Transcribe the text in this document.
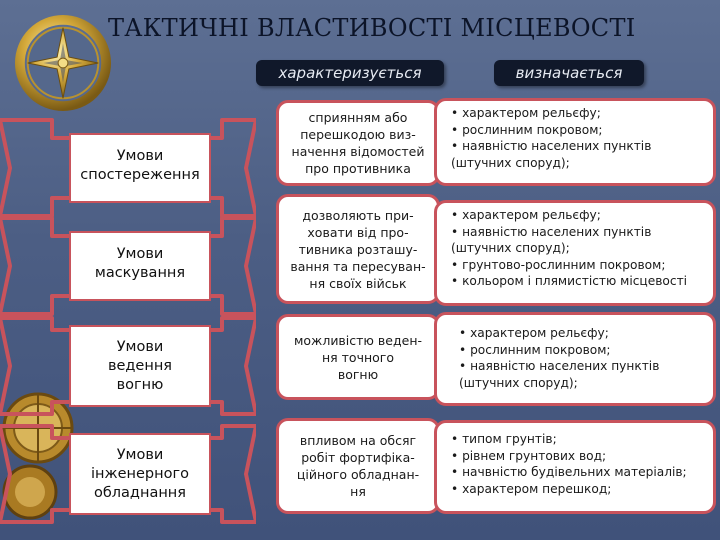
ТАКТИЧНІ ВЛАСТИВОСТІ МІСЦЕВОСТІ
характеризується	визначається
Умови
спостереження
сприянням або
перешкодою виз-
начення відомостей
про противника
• характером рельєфу;
• рослинним покровом;
• наявністю населених пунктів
(штучних споруд);
Умови
маскування
дозволяють при-
ховати від про-
тивника розташу-
вання та пересуван-
ня своїх військ
• характером рельєфу;
• наявністю населених пунктів
(штучних споруд);
• грунтово-рослинним покровом;
• кольором і плямистістю місцевості
Умови
ведення
вогню
можливістю веден-
ня точного
вогню
• характером рельєфу;
• рослинним покровом;
• наявністю населених пунктів
(штучних споруд);
Умови
інженерного
обладнання
впливом на обсяг
робіт фортифіка-
ційного обладнан-
ня
• типом грунтів;
• рівнем грунтових вод;
• начвністю будівельних матеріалів;
• характером перешкод;
